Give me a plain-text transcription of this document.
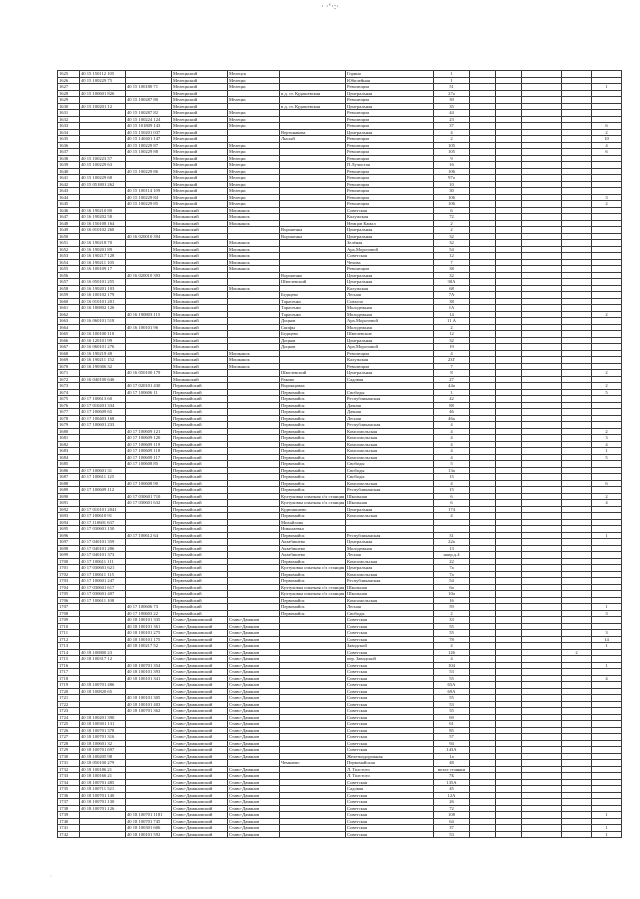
· ·‛·:·
1625	40 15 150112 105		Мелецкский	Мелецск		Горина	1					
1626	40 15 100229 75		Мелецкский	Мелецкс		Юбилейная	1					
1627		40 15 100180 71	Мелецкский	Мелецкс		Революции	51					1
1628	40 15 100601 826		Мелецкский		в д. ст. Кудашевская	Центральная	27а					
1629		40 15 100287 80	Мелецкский	Мелецкс		Революции	39					
1630	40 15 100201 12		Мелецкский		в д. ст. Кудашевская	Центральная	35					
1631		40 15 100287 82	Мелецкский	Мелецкс		Революции	44					
1632		40 15 100224 124	Мелецкский	Мелецкс		Революции	23					
1633		40 15 101809 143	Мелецкский	Мелецкс		Революции	37					6
1634		40 15 150201 037	Мелецкский		Вертьянкова	Центральная	4					2
1635		40 15 140401 147	Мелецкский		Лысый	Революции	2					10
1636		40 15 100229 87	Мелецкский	Мелецкс		Революции	105					4
1637		40 15 100229 88	Мелецкский	Мелецкс		Революции	105					6
1638	40 15 100223 57		Мелецкский	Мелецкс		Революции	9					
1639	40 15 100229 63		Мелецкский	Мелецкс		П.Лучистая	16					
1640		40 15 100229 86	Мелецкский	Мелецкс		Революции	106					
1641	40 15 100229 68		Мелецкский	Мелецкс		Революции	97а					
1642	40 15 051801 262		Мелецкский	Мелецкс		Революции	10					
1643		40 15 100114 109	Мелецкский	Мелецкс		Революции	30					
1644		40 15 100229 84	Мелецкский	Мелецкс		Революции	106					3
1645		40 15 100229 85	Мелецкский	Мелецкс		Революции	106					2
1646	40 16 190210 80		Мошканский	Мошканск		Советская	6					
1647	40 16 190202 58		Мошканский	Мошканск		Калужская	72					
1648	40 16 150108 164		Мошканский	Мошканск		Немцов Камал	2					
1649	40 16 010102 260		Мошканский		Вороненка	Центральная	2					
1650		40 16 020010 394	Мошканский		Вороненка	Центральная	32					
1651	40 16 190218 70		Мошканский	Мошканск		Зелёная	32					
1652	40 16 190201 89		Мошканский	Мошканск		Арх.Морозовой	54					
1653	40 16 190217 128		Мошканский	Мошканск		Советская	12					
1654	40 16 190211 105		Мошканский	Мошканск		Чехова	7					
1655	40 16 100109 17		Мошканский	Мошканск		Революции	38					
1656		40 16 020010 393	Мошканский		Вороненко	Центральная	32					
1657	40 16 050101 255		Мошканский		Шмелевский	Центральная	30А					
1658	40 16 190201 103		Мошканский	Мошканск		Калужская	68					
1659	40 16 100102 179		Мошканский		Бедщево	Лесная	7А					
1660	40 16 010101 201		Мошканский		Тарасенко	Совхоза	38					
1661	40 16 180802 126		Мошканский		Тарасенко	Молодежная	1А					
1662		40 16 190803 115	Мошканский		Тарасенко	Молодежная	14					2
1663	40 16 060101 518		Мошканский		Доцков	Арх.Морозовой	11 А					
1664		40 16 100101 96	Мошканский		Скифы	Молодежная	2					
1665	40 16 100100 110		Мошканский		Бедщево	Шмелевские	12					
1666	40 16 120101 99		Мошканский		Доцков	Центральная	32					
1667	40 16 060101 276		Мошканский		Доцков	Арх.Морозовой	19					
1668	40 16 190219 48		Мошканский	Мошканск		Революции	4					
1669	40 16 190211 152		Мошканский	Мошканск		Калужская	23Г					
1670	40 16 190306 32		Мошканский	Мошканск		Революции	7					
1671		40 16 050100 179	Мошканский		Шмелевский	Центральная	8					2
1672	40 16 040100 646		Мошканский		Раково	Садовая	27					
1673		40 17 020101 430	Первомайский		Воронцовка		44а					2
1674		40 17 100606 11	Первомайский		Первомайск	Свободы	1					5
1675	40 17 100613 60		Первомайский		Первомайск	Республиканская	42					
1676	40 17 010201 334		Первомайский		Первомайск	Дачная	88					
1677	40 17 100609 65		Первомайский		Первомайск	Дачная	46					
1678	40 17 100403 168		Первомайский		Первомайск	Лесная	46а					
1679	40 17 100601 233		Первомайский		Первомайск	Республиканская	4					
1680		40 17 100609 121	Первомайский		Первомайск	Комсомольская	4					2
1681		40 17 100609 120	Первомайский		Первомайск	Комсомольская	4					3
1682		40 17 100609 119	Первомайский		Первомайск	Комсомольская	4					4
1683		40 17 100609 118	Первомайский		Первомайск	Комсомольская	4					1
1684		40 17 100609 117	Первомайский		Первомайск	Комсомольская	4					5
1685		40 17 100608 85	Первомайский		Первомайск	Свободы	5					
1686	40 17 100601 31		Первомайский		Первомайск	Свободы	13а					
1687	40 17 100611 125		Первомайский		Первомайск	Свободы	15					
1688		40 17 100608 90	Первомайский		Первомайск	Комсомольская	4					6
1689	40 17 100609 112		Первомайский		Первомайск	Республиканская	15					
1690		40 17 030601 710	Первомайский		Култуковка опытная с/х станция	Школьная	6					2
1691		40 17 030601 632	Первомайский		Култуковка опытная с/х станция	Школьная	6					4
1692	40 17 010101 2041		Первомайский		Кудюнишево	Центральная	174					
1693	40 17 100610 91		Первомайский		Первомайск	Комсомольская	4					
1694	40 17 110601 637		Первомайский		Михайлово							
1695	40 17 030601 150		Первомайский		Николаевка							
1696		40 17 100612 64	Первомайский		Первомайск	Республиканская	31					1
1697	40 17 040101 359		Первомайский		Акзабишево	Центральная	22а					
1698	40 17 040101 286		Первомайский		Акзабишево	Молодежная	13					
1699	40 17 040101 373		Первомайский		Акзабишево	Лесная	напр.д.4					
1700	40 17 100611 111		Первомайский		Первомайск	Комсомольская	22					
1701	40 17 030601 621		Первомайский		Култуковка опытная с/х станция	Центральная	7а					
1702	40 17 100611 115		Первомайский		Первомайск	Комсомольская	7а					
1703	40 17 100601 247		Первомайский		Первомайск	Республиканская	54					
1704	40 17 030601 617		Первомайский		Култуковка опытная с/х станция	Школьная	6а					
1705	40 17 030601 407		Первомайский		Култуковка опытная с/х станция	Школьная	10а					
1706	40 17 100611 108		Первомайский		Первомайск	Комсомольская	16					
1707		40 17 100606 73	Первомайский		Первомайск	Лесная	59					1
1708		40 17 100603 22	Первомайский		Первомайск	Свободы	2					3
1709		40 18 100101 335	Ставо-Дамяновский	Ставо-Дамянов		Советская	33					
1710		40 18 100101 361	Ставо-Дамяновский	Ставо-Дамянов		Советская	55					
1711		40 18 100101 275	Ставо-Дамяновский	Ставо-Дамянов		Советская	55					3
1712		40 18 100101 175	Ставо-Дамяновский	Ставо-Дамянов		Советская	78					14
1713		40 18 100217 52	Ставо-Дамяновский	Ставо-Дамянов		Заводской	4					1
1714	40 18 100800 23		Ставо-Дамяновский	Ставо-Дамянов		Советская	126				2	
1715	40 18 100317 12		Ставо-Дамяновский	Ставо-Дамянов		пер. Заводской	4					
1716		40 18 100701 354	Ставо-Дамяновский	Ставо-Дамянов		Советская	104					1
1717		40 18 100101 393	Ставо-Дамяновский	Ставо-Дамянов		Советская	53					
1718		40 18 100101 341	Ставо-Дамяновский	Ставо-Дамянов		Советская	55					4
1719	40 18 100701 486		Ставо-Дамяновский	Ставо-Дамянов		Советская	65А					
1720	40 18 100820 65		Ставо-Дамяновский	Ставо-Дамянов		Советская	69А					
1721		40 18 100101 305	Ставо-Дамяновский	Ставо-Дамянов		Советская	55					
1722		40 18 100101 403	Ставо-Дамяновский	Ставо-Дамянов		Советская	53					
1723		40 18 100701 362	Ставо-Дамяновский	Ставо-Дамянов		Советская	55					
1724	40 18 100201 390		Ставо-Дамяновский	Ставо-Дамянов		Советская	69					
1725	40 18 100301 131		Ставо-Дамяновский	Ставо-Дамянов		Советская	61					
1726	40 18 100701 378		Ставо-Дамяновский	Ставо-Дамянов		Советская	85					
1727	40 18 100701 316		Ставо-Дамяновский	Ставо-Дамянов		Советская	57					
1728	40 18 100601 32		Ставо-Дамяновский	Ставо-Дамянов		Советская	94					
1729	40 18 100701 697		Ставо-Дамяновский	Ставо-Дамянов		Советская	143А					
1730	40 18 100205 98		Ставо-Дамяновский	Ставо-Дамянов		Железнодорожная	1а					
1731	40 18 050100 279		Ставо-Дамяновский		Чемкаево	Первомайская	48					
1732	40 18 100186 21		Ставо-Дамяновский	Ставо-Дамянов		Л. Толстого	возле стоянки					
1733	40 18 100166 21		Ставо-Дамяновский	Ставо-Дамянов		Л. Толстого	7Б					
1734	40 18 100701 485		Ставо-Дамяновский	Ставо-Дамянов		Советская	135А					
1735	40 18 100711 521		Ставо-Дамяновский	Ставо-Дамянов		Садовая	45					
1736	40 18 100701 140		Ставо-Дамяновский	Ставо-Дамянов		Советская	12А					
1737	40 18 100701 130		Ставо-Дамяновский	Ставо-Дамянов		Советская	26					
1738	40 18 100701 126		Ставо-Дамяновский	Ставо-Дамянов		Советская	72					
1739		40 18 100701 1181	Ставо-Дамяновский	Ставо-Дамянов		Советская	108					1
1740		40 18 100701 745	Ставо-Дамяновский	Ставо-Дамянов		Советская	64					
1741		40 18 100301 606	Ставо-Дамяновский	Ставо-Дамянов		Советская	37					1
1742		40 18 100101 592	Ставо-Дамяновский	Ставо-Дамянов		Советская	53					1
·
